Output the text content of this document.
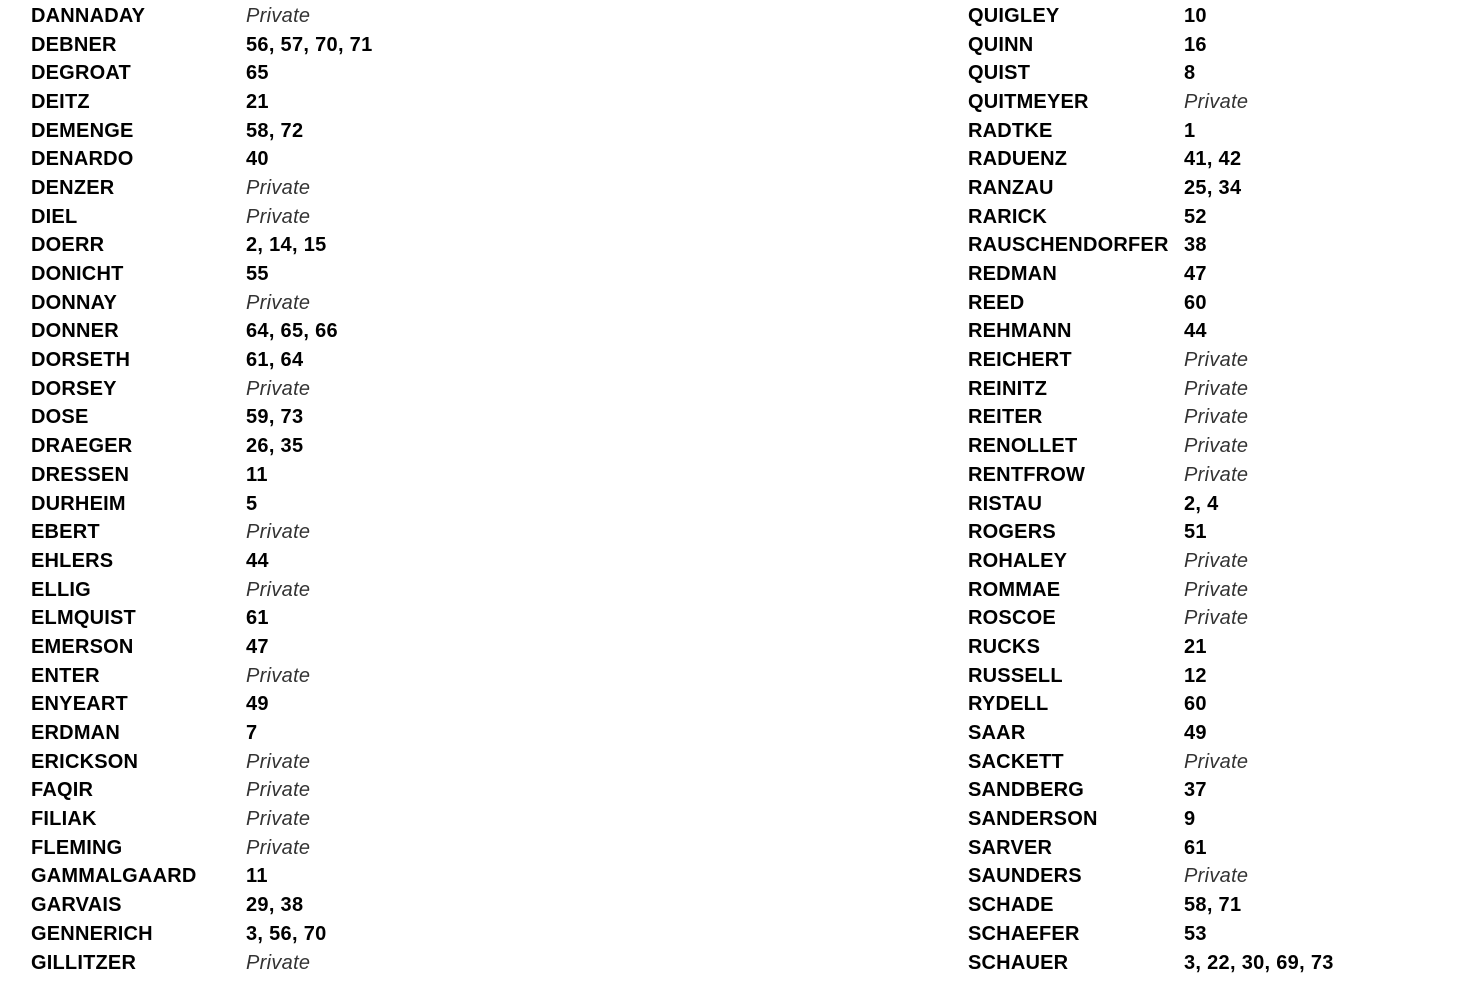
DANNADAY	Private
DEBNER	56, 57, 70, 71
DEGROAT	65
DEITZ	21
DEMENGE	58, 72
DENARDO	40
DENZER	Private
DIEL	Private
DOERR	2, 14, 15
DONICHT	55
DONNAY	Private
DONNER	64, 65, 66
DORSETH	61, 64
DORSEY	Private
DOSE	59, 73
DRAEGER	26, 35
DRESSEN	11
DURHEIM	5
EBERT	Private
EHLERS	44
ELLIG	Private
ELMQUIST	61
EMERSON	47
ENTER	Private
ENYEART	49
ERDMAN	7
ERICKSON	Private
FAQIR	Private
FILIAK	Private
FLEMING	Private
GAMMALGAARD	11
GARVAIS	29, 38
GENNERICH	3, 56, 70
GILLITZER	Private
QUIGLEY	10
QUINN	16
QUIST	8
QUITMEYER	Private
RADTKE	1
RADUENZ	41, 42
RANZAU	25, 34
RARICK	52
RAUSCHENDORFER 38
REDMAN	47
REED	60
REHMANN	44
REICHERT	Private
REINITZ	Private
REITER	Private
RENOLLET	Private
RENTFROW	Private
RISTAU	2, 4
ROGERS	51
ROHALEY	Private
ROMMAE	Private
ROSCOE	Private
RUCKS	21
RUSSELL	12
RYDELL	60
SAAR	49
SACKETT	Private
SANDBERG	37
SANDERSON	9
SARVER	61
SAUNDERS	Private
SCHADE	58, 71
SCHAEFER	53
SCHAUER	3, 22, 30, 69, 73
